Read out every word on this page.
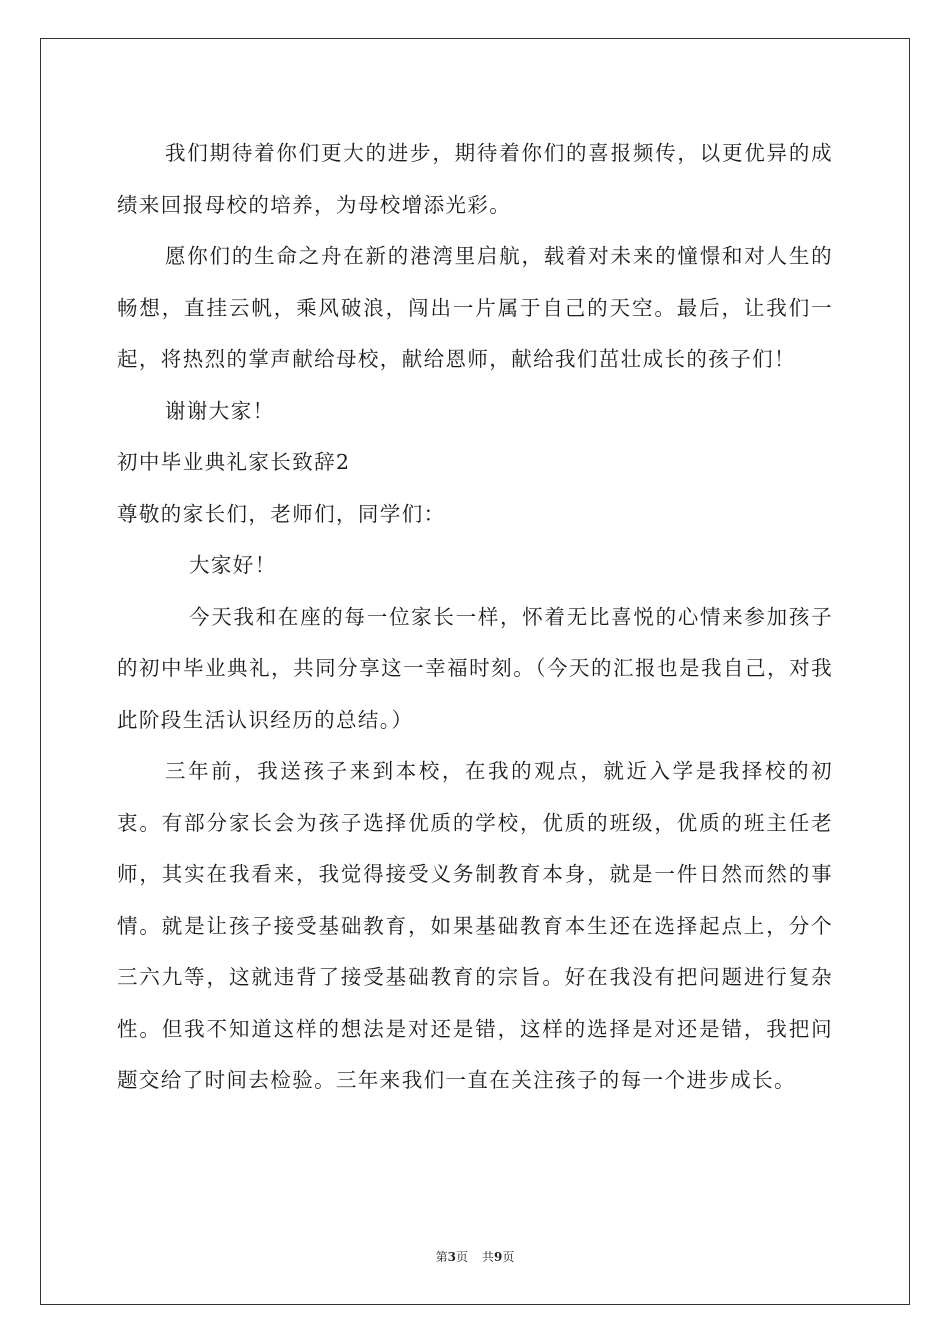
我们期待着你们更大的进步，期待着你们的喜报频传，以更优异的成绩来回报母校的培养，为母校增添光彩。

愿你们的生命之舟在新的港湾里启航，载着对未来的憧憬和对人生的畅想，直挂云帆，乘风破浪，闯出一片属于自己的天空。最后，让我们一起，将热烈的掌声献给母校，献给恩师，献给我们茁壮成长的孩子们！

谢谢大家！

初中毕业典礼家长致辞2

尊敬的家长们，老师们，同学们：

大家好！

今天我和在座的每一位家长一样，怀着无比喜悦的心情来参加孩子的初中毕业典礼，共同分享这一幸福时刻。（今天的汇报也是我自己，对我此阶段生活认识经历的总结。）

三年前，我送孩子来到本校，在我的观点，就近入学是我择校的初衷。有部分家长会为孩子选择优质的学校，优质的班级，优质的班主任老师，其实在我看来，我觉得接受义务制教育本身，就是一件日然而然的事情。就是让孩子接受基础教育，如果基础教育本生还在选择起点上，分个三六九等，这就违背了接受基础教育的宗旨。好在我没有把问题进行复杂性。但我不知道这样的想法是对还是错，这样的选择是对还是错，我把问题交给了时间去检验。三年来我们一直在关注孩子的每一个进步成长。

第3页 共9页
